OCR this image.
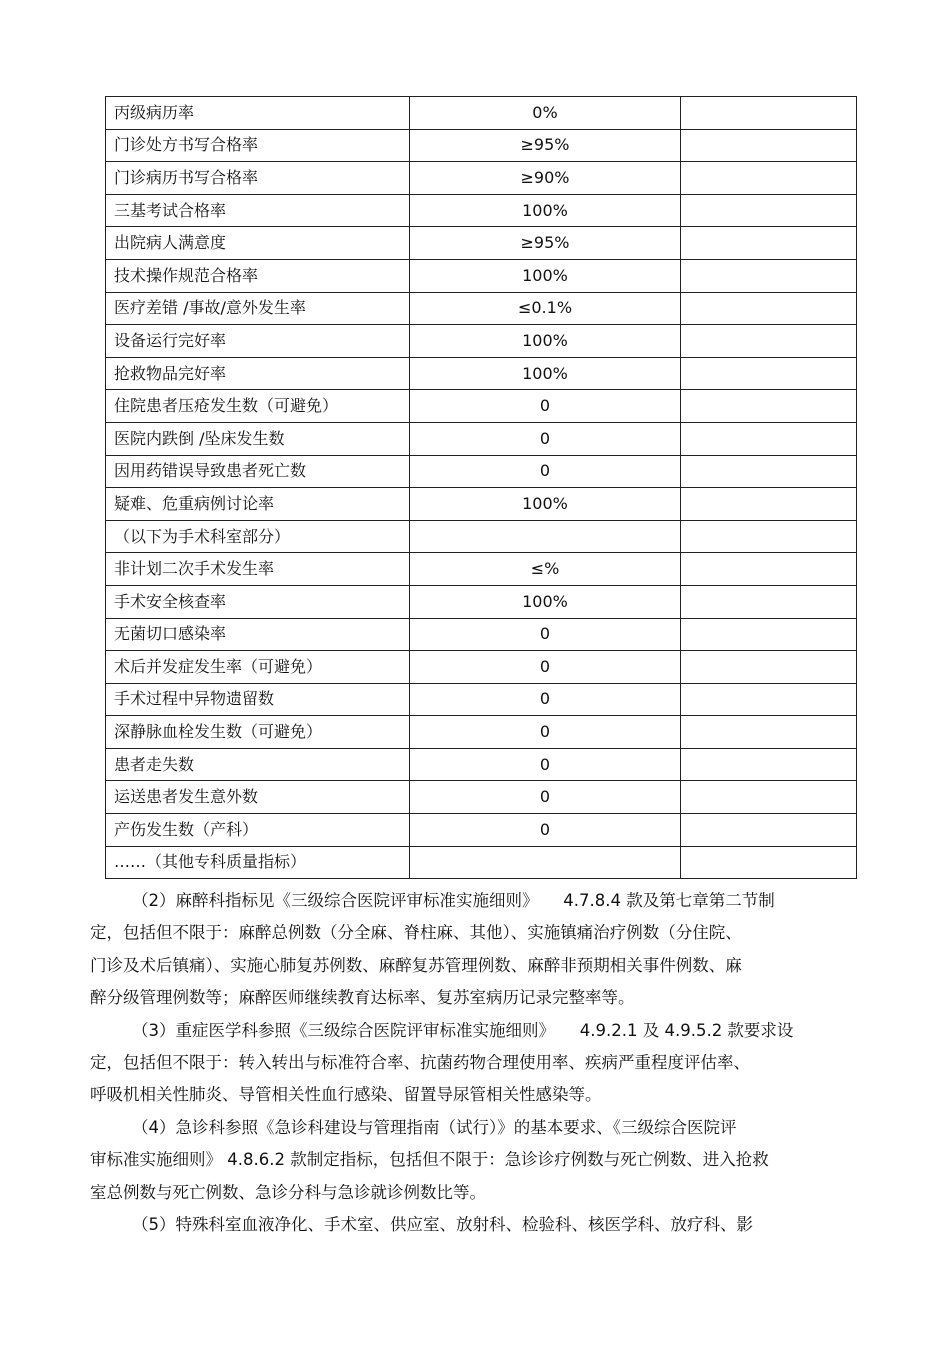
丙级病历率	0%	
门诊处方书写合格率	≥95%	
门诊病历书写合格率	≥90%	
三基考试合格率	100%	
出院病人满意度	≥95%	
技术操作规范合格率	100%	
医疗差错 /事故/意外发生率	≤0.1%	
设备运行完好率	100%	
抢救物品完好率	100%	
住院患者压疮发生数（可避免）	0	
医院内跌倒 /坠床发生数	0	
因用药错误导致患者死亡数	0	
疑难、危重病例讨论率	100%	
（以下为手术科室部分）		
非计划二次手术发生率	≤%	
手术安全核查率	100%	
无菌切口感染率	0	
术后并发症发生率（可避免）	0	
手术过程中异物遗留数	0	
深静脉血栓发生数（可避免）	0	
患者走失数	0	
运送患者发生意外数	0	
产伤发生数（产科）	0	
……（其他专科质量指标）		

（2）麻醉科指标见《三级综合医院评审标准实施细则》　　4.7.8.4 款及第七章第二节制

定，包括但不限于：麻醉总例数（分全麻、脊柱麻、其他）、实施镇痛治疗例数（分住院、

门诊及术后镇痛）、实施心肺复苏例数、麻醉复苏管理例数、麻醉非预期相关事件例数、麻

醉分级管理例数等；麻醉医师继续教育达标率、复苏室病历记录完整率等。

（3）重症医学科参照《三级综合医院评审标准实施细则》　　4.9.2.1 及 4.9.5.2 款要求设

定，包括但不限于：转入转出与标准符合率、抗菌药物合理使用率、疾病严重程度评估率、

呼吸机相关性肺炎、导管相关性血行感染、留置导尿管相关性感染等。

（4）急诊科参照《急诊科建设与管理指南（试行）》的基本要求、《三级综合医院评

审标准实施细则》 4.8.6.2 款制定指标，包括但不限于：急诊诊疗例数与死亡例数、进入抢救

室总例数与死亡例数、急诊分科与急诊就诊例数比等。

（5）特殊科室血液净化、手术室、供应室、放射科、检验科、核医学科、放疗科、影
